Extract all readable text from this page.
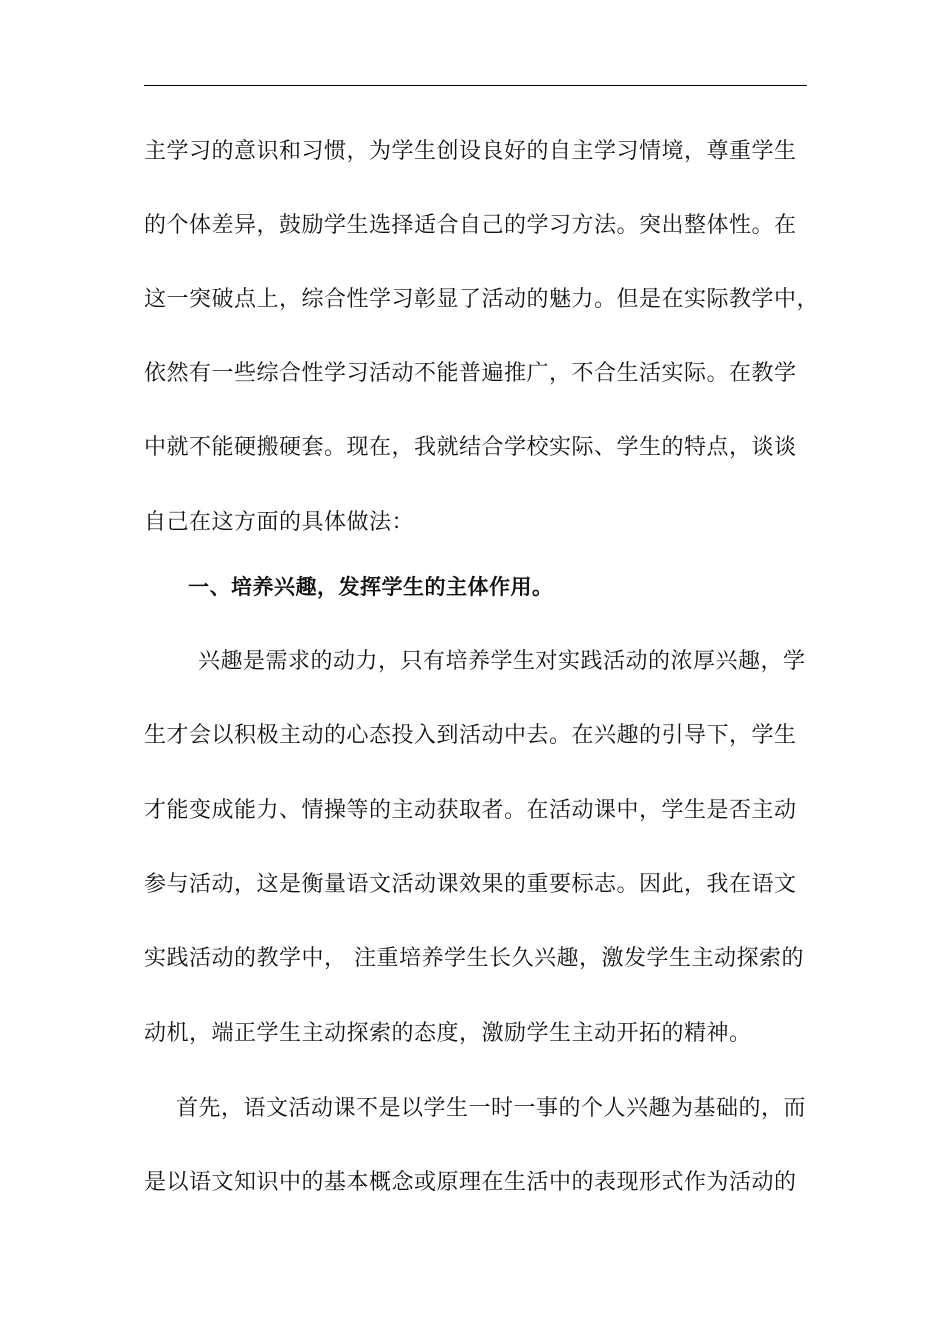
主学习的意识和习惯，为学生创设良好的自主学习情境，尊重学生
的个体差异，鼓励学生选择适合自己的学习方法。突出整体性。在
这一突破点上，综合性学习彰显了活动的魅力。但是在实际教学中，
依然有一些综合性学习活动不能普遍推广，不合生活实际。在教学
中就不能硬搬硬套。现在，我就结合学校实际、学生的特点，谈谈
自己在这方面的具体做法：
一、培养兴趣，发挥学生的主体作用。
兴趣是需求的动力，只有培养学生对实践活动的浓厚兴趣，学
生才会以积极主动的心态投入到活动中去。在兴趣的引导下，学生
才能变成能力、情操等的主动获取者。在活动课中，学生是否主动
参与活动，这是衡量语文活动课效果的重要标志。因此，我在语文
实践活动的教学中， 注重培养学生长久兴趣，激发学生主动探索的
动机，端正学生主动探索的态度，激励学生主动开拓的精神。
首先，语文活动课不是以学生一时一事的个人兴趣为基础的，而
是以语文知识中的基本概念或原理在生活中的表现形式作为活动的
